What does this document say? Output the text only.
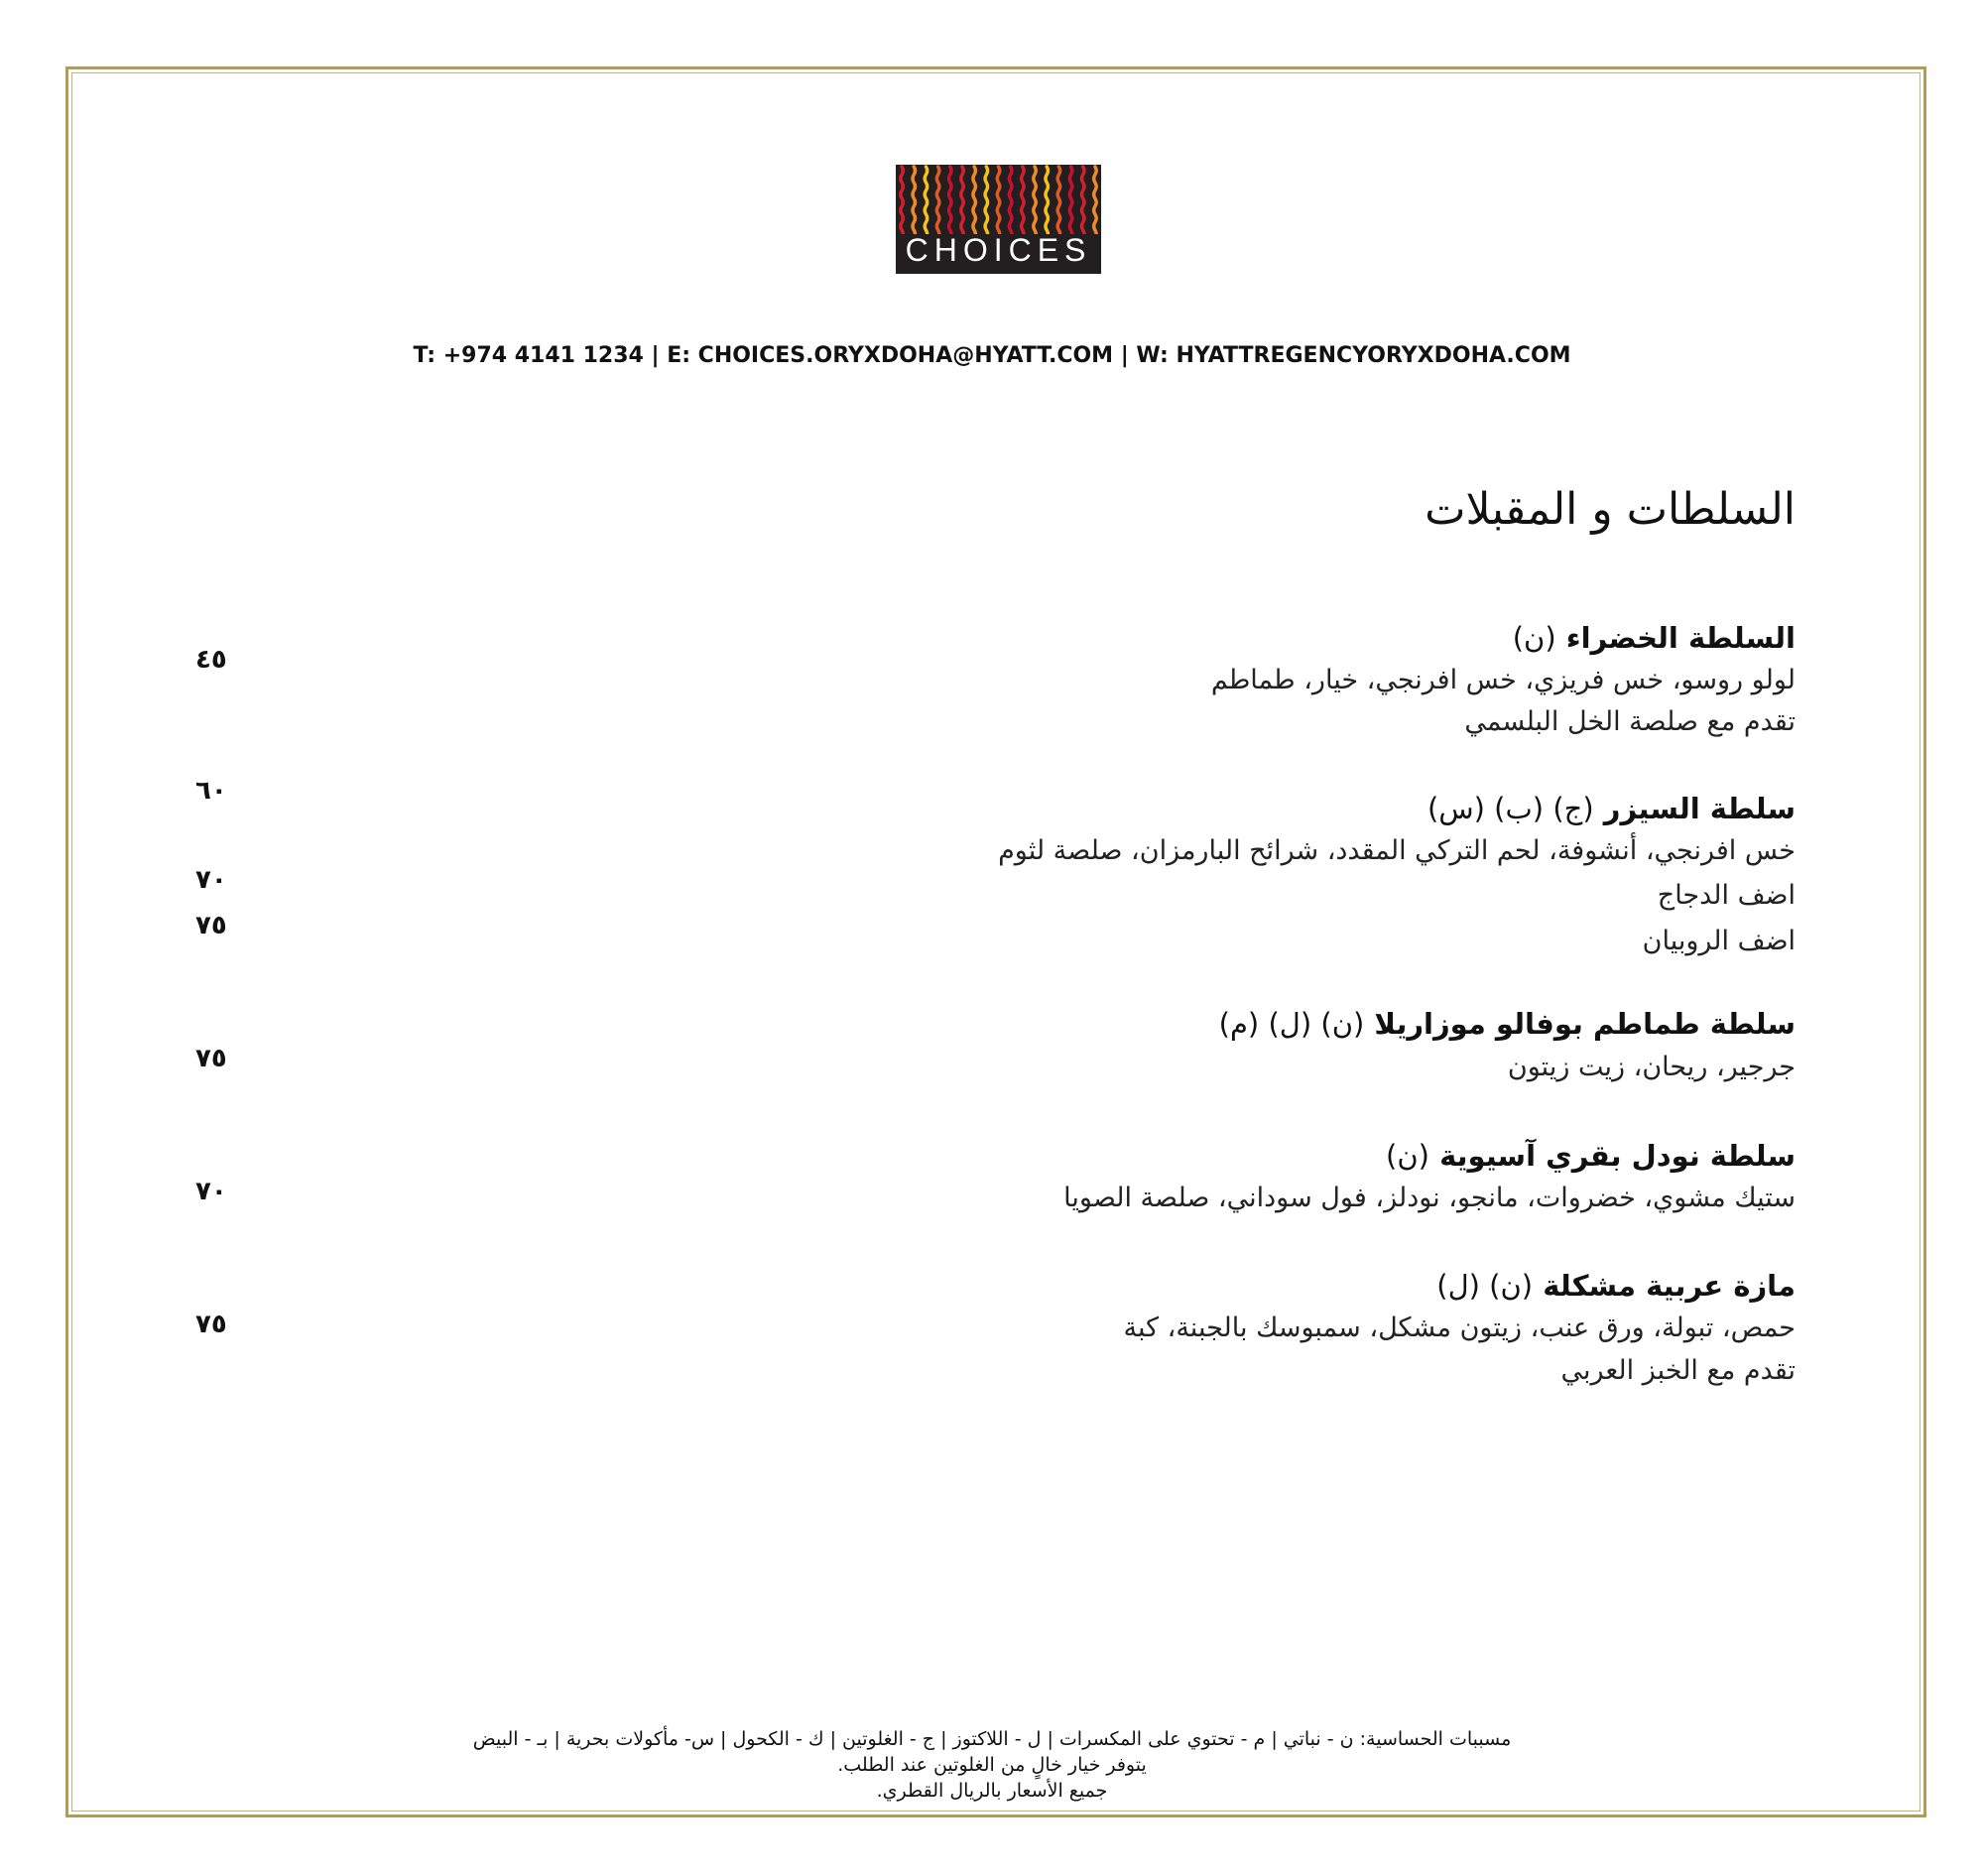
CHOICES
T: +974 4141 1234 | E: CHOICES.ORYXDOHA@HYATT.COM | W: HYATTREGENCYORYXDOHA.COM
السلطات و المقبلات
السلطة الخضراء (ن)
لولو روسو، خس فريزي، خس افرنجي، خيار، طماطم
تقدم مع صلصة الخل البلسمي
٤٥
سلطة السيزر (ج) (ب) (س)
خس افرنجي، أنشوفة، لحم التركي المقدد، شرائح البارمزان، صلصة لثوم
اضف الدجاج
اضف الروبيان
٦٠
٧٠
٧٥
سلطة طماطم بوفالو موزاريلا (ن) (ل) (م)
جرجير، ريحان، زيت زيتون
٧٥
سلطة نودل بقري آسيوية (ن)
ستيك مشوي، خضروات، مانجو، نودلز، فول سوداني، صلصة الصويا
٧٠
مازة عربية مشكلة (ن) (ل)
حمص، تبولة، ورق عنب، زيتون مشكل، سمبوسك بالجبنة، كبة
تقدم مع الخبز العربي
٧٥
مسببات الحساسية: ن - نباتي | م - تحتوي على المكسرات | ل - اللاكتوز | ج - الغلوتين | ك - الكحول | س- مأكولات بحرية | بـ - البيض
يتوفر خيار خالٍ من الغلوتين عند الطلب.
جميع الأسعار بالريال القطري.
